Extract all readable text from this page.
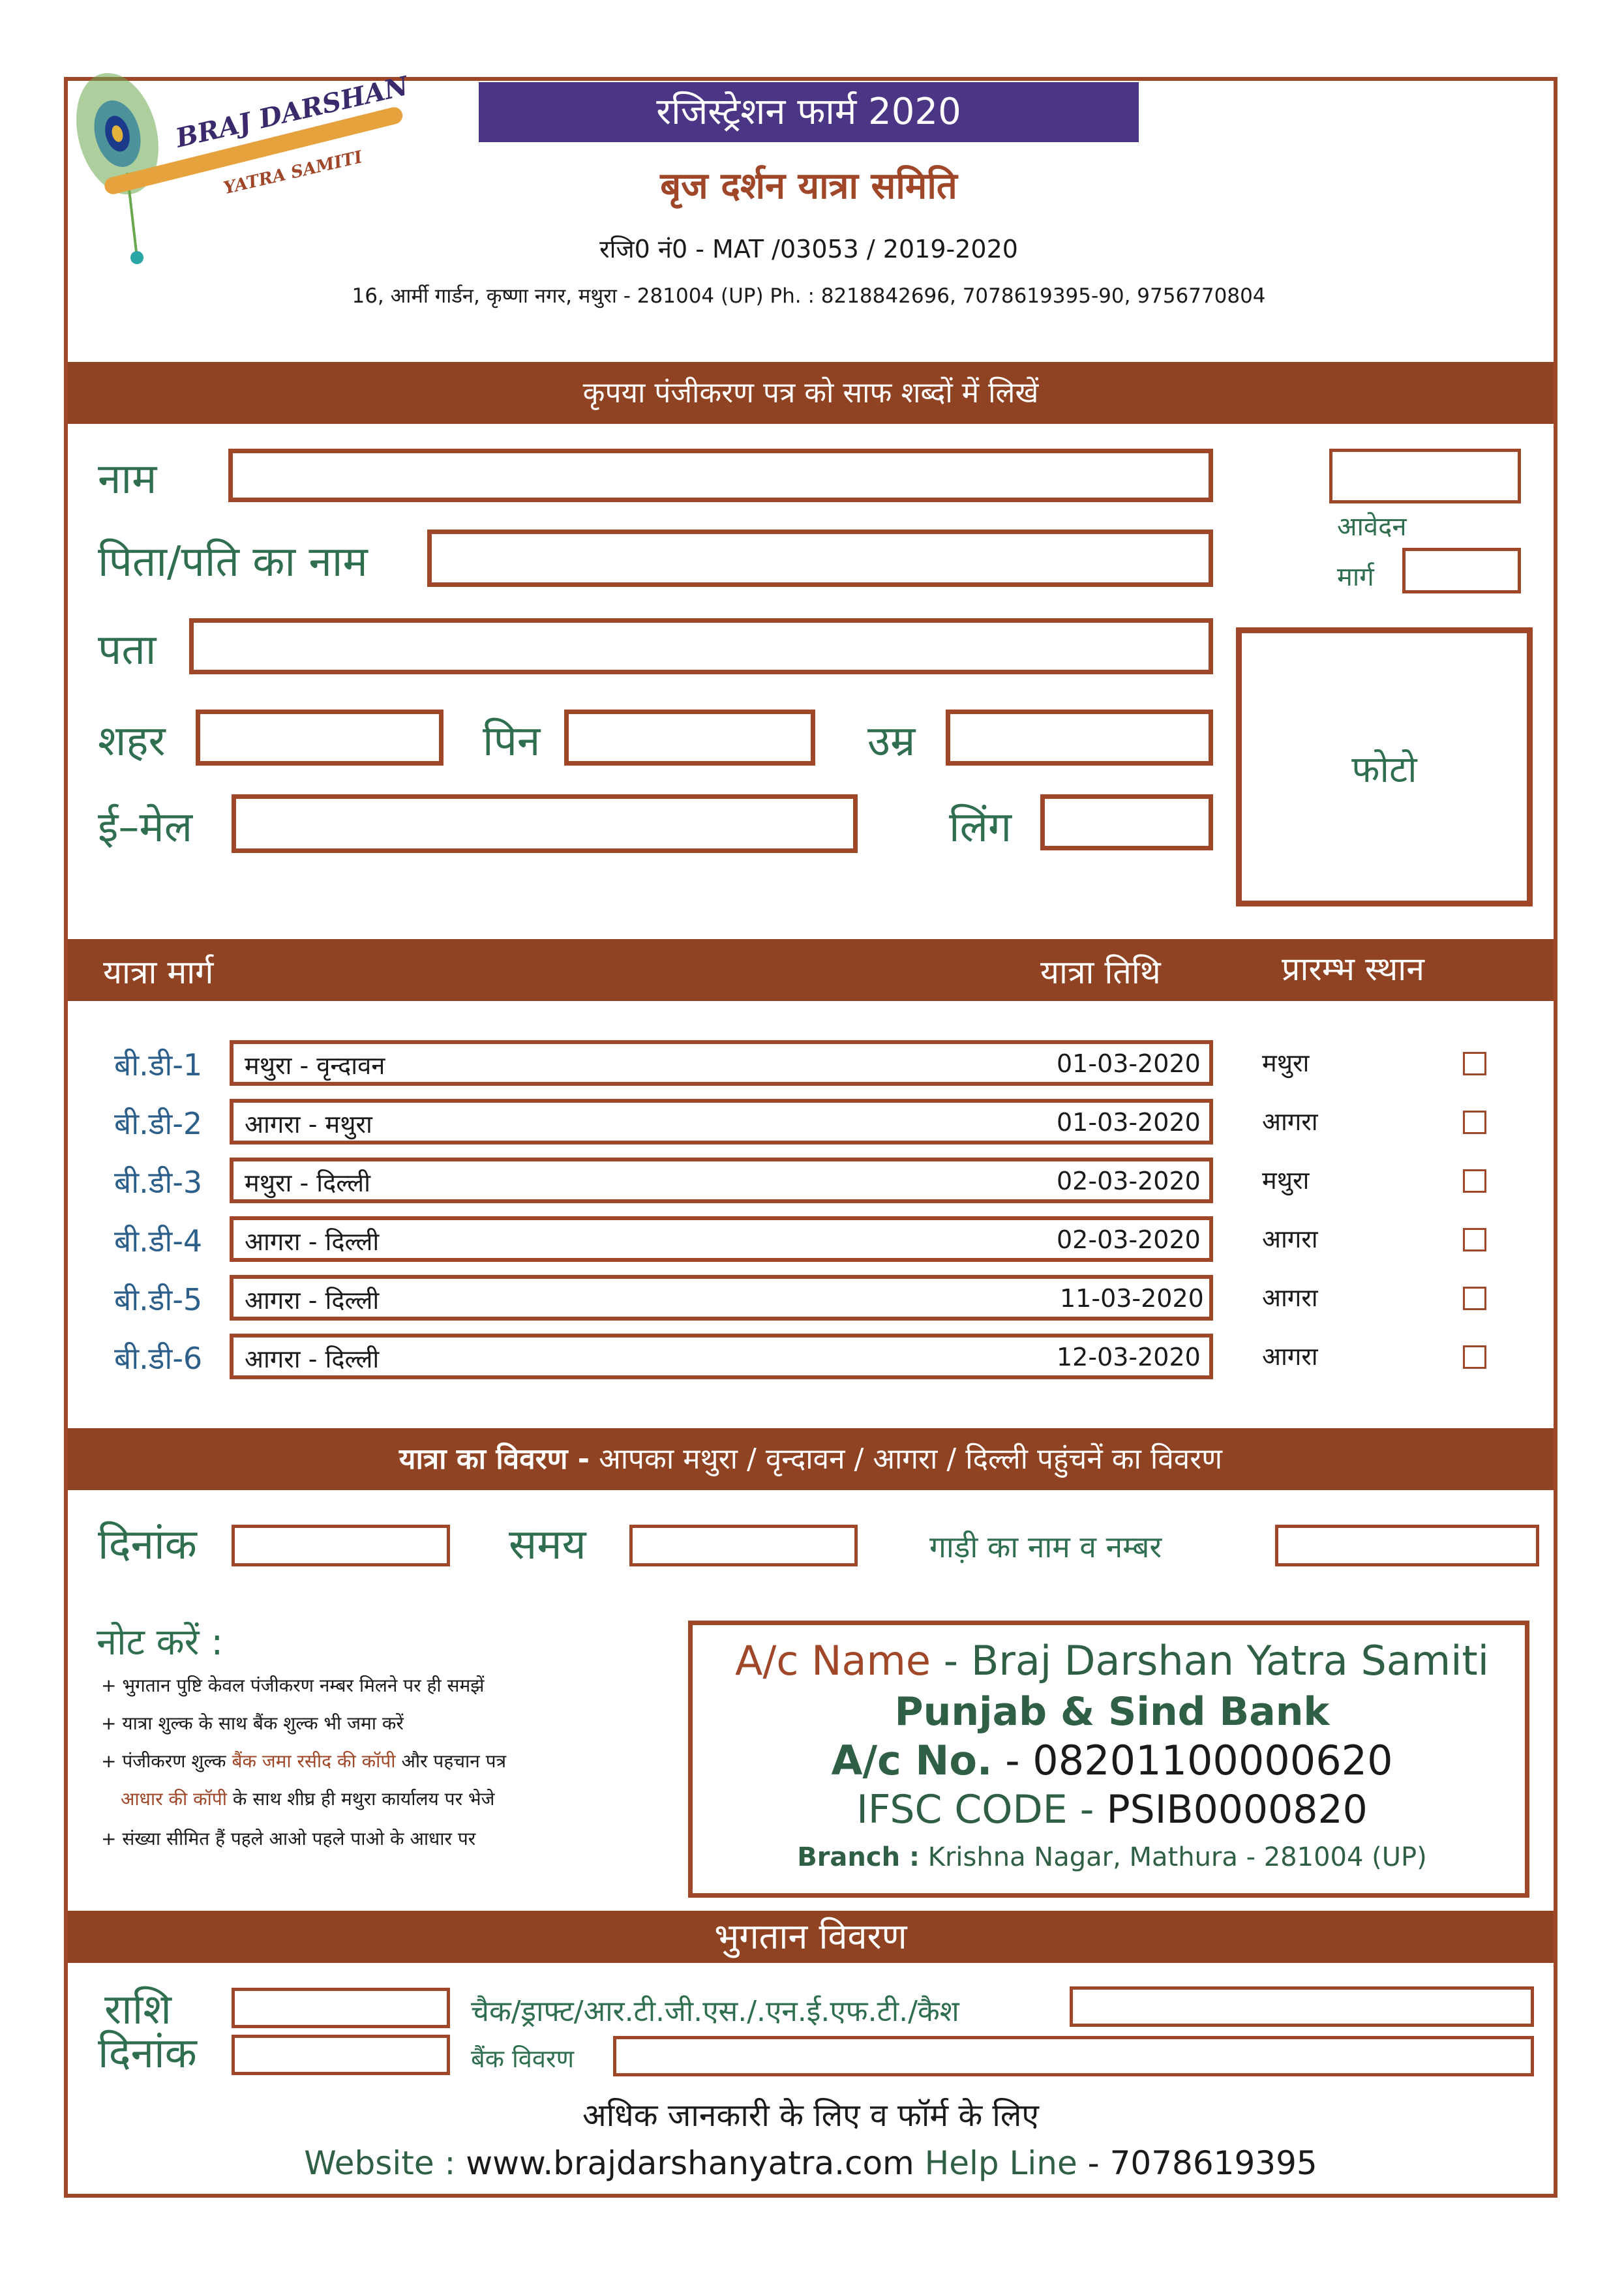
BRAJ DARSHAN
YATRA SAMITI
रजिस्ट्रेशन फार्म 2020
बृज दर्शन यात्रा समिति
रजि0 नं0 - MAT /03053 / 2019-2020
16, आर्मी गार्डन, कृष्णा नगर, मथुरा - 281004 (UP) Ph. : 8218842696, 7078619395-90, 9756770804
कृपया पंजीकरण पत्र को साफ शब्दों में लिखें
नाम
पिता/पति का नाम
पता
शहर	पिन	उम्र
ई–मेल	लिंग
आवेदन
मार्ग
फोटो
यात्रा मार्ग	यात्रा तिथि	प्रारम्भ स्थान
बी.डी-1 मथुरा - वृन्दावन	01-03-2020 मथुरा
बी.डी-2 आगरा - मथुरा	01-03-2020 आगरा
बी.डी-3 मथुरा - दिल्ली	02-03-2020 मथुरा
बी.डी-4 आगरा - दिल्ली	02-03-2020 आगरा
बी.डी-5 आगरा - दिल्ली	11-03-2020 आगरा
बी.डी-6 आगरा - दिल्ली	12-03-2020 आगरा
यात्रा का विवरण - आपका मथुरा / वृन्दावन / आगरा / दिल्ली पहुंचनें का विवरण
दिनांक	समय	गाड़ी का नाम व नम्बर
नोट करें :
+ भुगतान पुष्टि केवल पंजीकरण नम्बर मिलने पर ही समझें
+ यात्रा शुल्क के साथ बैंक शुल्क भी जमा करें
+ पंजीकरण शुल्क बैंक जमा रसीद की कॉपी और पहचान पत्र
आधार की कॉपी के साथ शीघ्र ही मथुरा कार्यालय पर भेजे
+ संख्या सीमित हैं पहले आओ पहले पाओ के आधार पर
A/c Name - Braj Darshan Yatra Samiti
Punjab & Sind Bank
A/c No. - 08201100000620
IFSC CODE - PSIB0000820
Branch : Krishna Nagar, Mathura - 281004 (UP)
भुगतान विवरण
राशि
दिनांक
चैक/ड्राफ्ट/आर.टी.जी.एस./.एन.ई.एफ.टी./कैश
बैंक विवरण
अधिक जानकारी के लिए व फॉर्म के लिए
Website : www.brajdarshanyatra.com Help Line - 7078619395
